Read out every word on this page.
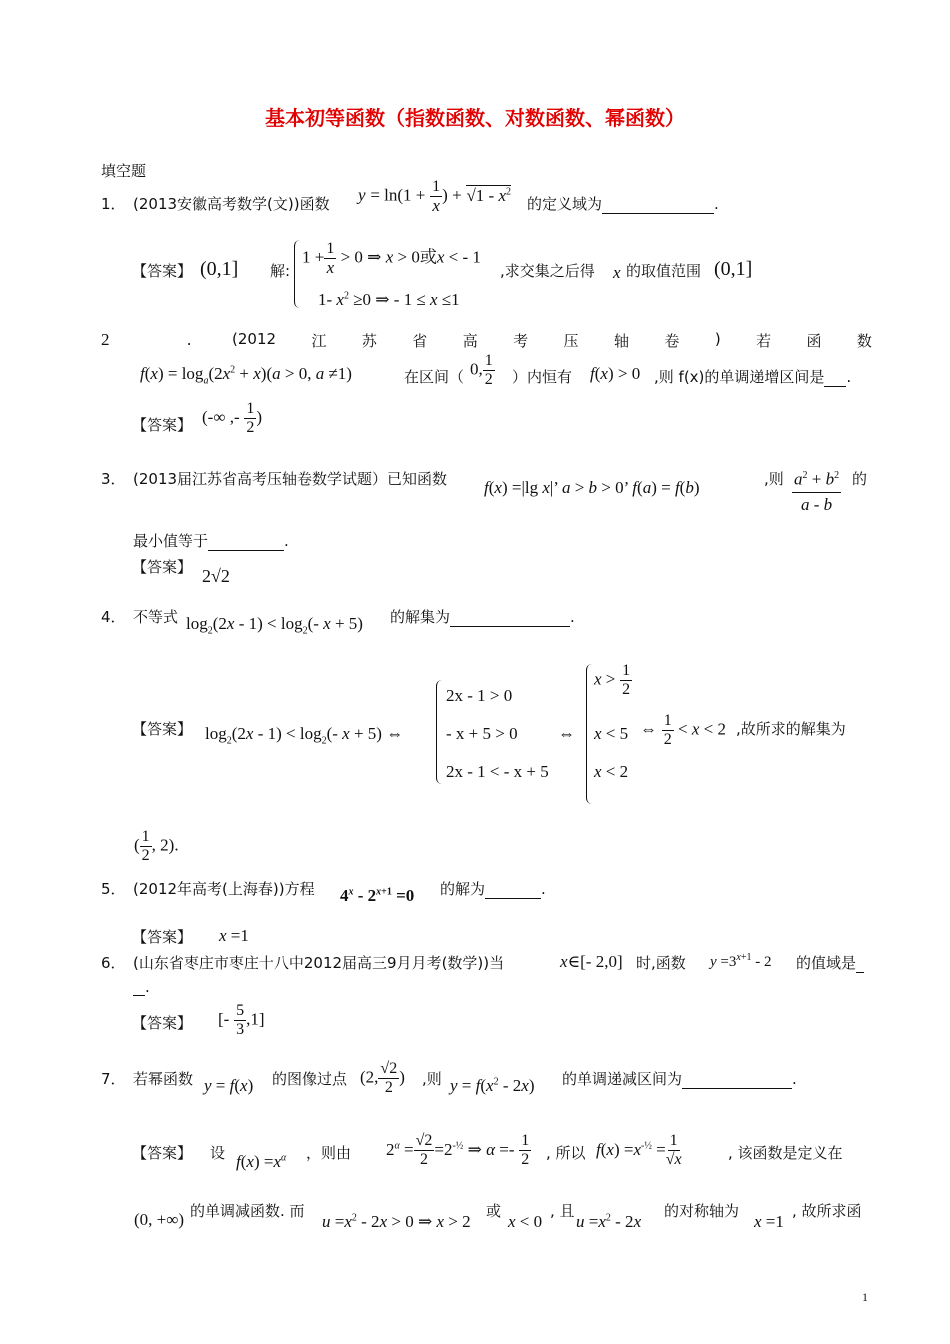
基本初等函数（指数函数、对数函数、幂函数）
填空题
1． (2013安徽高考数学(文))函数 $y = \ln(1 + \frac{1}{x}$ ) + $√1 - x^2$
的定义域为	.
【答案】 (0,1] 解:
$1 + \frac{1}{x} > 0$ ⇒ x > 0或x < - 1
1- $x^2 \ge 0$ ⇒ - 1 ≤ x ≤1
,求交集之后得 x 的取值范围 (0,1]
2	.	(2012 江 苏 省 高 考 压 轴 卷 ) 若 函 数
$f(x) = \log_a(2x^2 + x)(a > 0$, a ≠1)	在区间（ 0, $\frac{1}{2}$ ）内恒有 f(x) > 0 ,则 f(x)的单调递增区间是 .
【答案】 (-∞ ,- $\frac{1}{2}$ )
3． (2013届江苏省高考压轴卷数学试题）已知函数 f(x) =|lg x|’ a > b > 0’ f(a) = f(b)	,则 $\frac{a^2 + b^2}{a - b}$ 的
最小值等于	.
【答案】 2√2
4． 不等式 $\log_2(2x - 1) < \log_2(-$ x + 5) 的解集为	.
【答案】 $\log_2(2x - 1) < \log_2(-$ x + 5) ⇔
2x - 1 > 0
- x + 5 > 0
2x - 1 < - x + 5
⇔
$x > \frac{1}{2}$
x < 5
x < 2
⇔ $\frac{1}{2} < x < 2$ ,故所求的解集为
( $\frac{1}{2}$ , 2).
5． (2012年高考(上海春))方程 $4^x - 2^{x+1} =0$ 的解为	.
【答案】 x =1
6． (山东省枣庄市枣庄十八中2012届高三9月月考(数学))当	x∈[- 2,0] 时,函数 $y =3^{x+1} - 2$ 的值域是
.
【答案】 [- $\frac{5}{3} ,1$]
7． 若幂函数 y = f(x) 的图像过点 (2, $\frac{√2}{2}$ ) ,则 $y = f(x^2 - 2x)$ 的单调递减区间为	.
【答案】 设 $f(x) =x^\alpha$ ，则由 $2^\alpha = \frac{√2}{2} =2^{-\frac{1}{2}}$ ⇒ $\alpha =- \frac{1}{2}$ , 所以 $f(x) =x^{-\frac{1}{2}} = \frac{1}{√x}$	, 该函数是定义在
(0, +∞) 的单调减函数. 而
$u =x^2 - 2x > 0$ ⇒ x > 2
或
x < 0
, 且
$u =x^2 - 2x$
的对称轴为
x =1
, 故所求函
1
